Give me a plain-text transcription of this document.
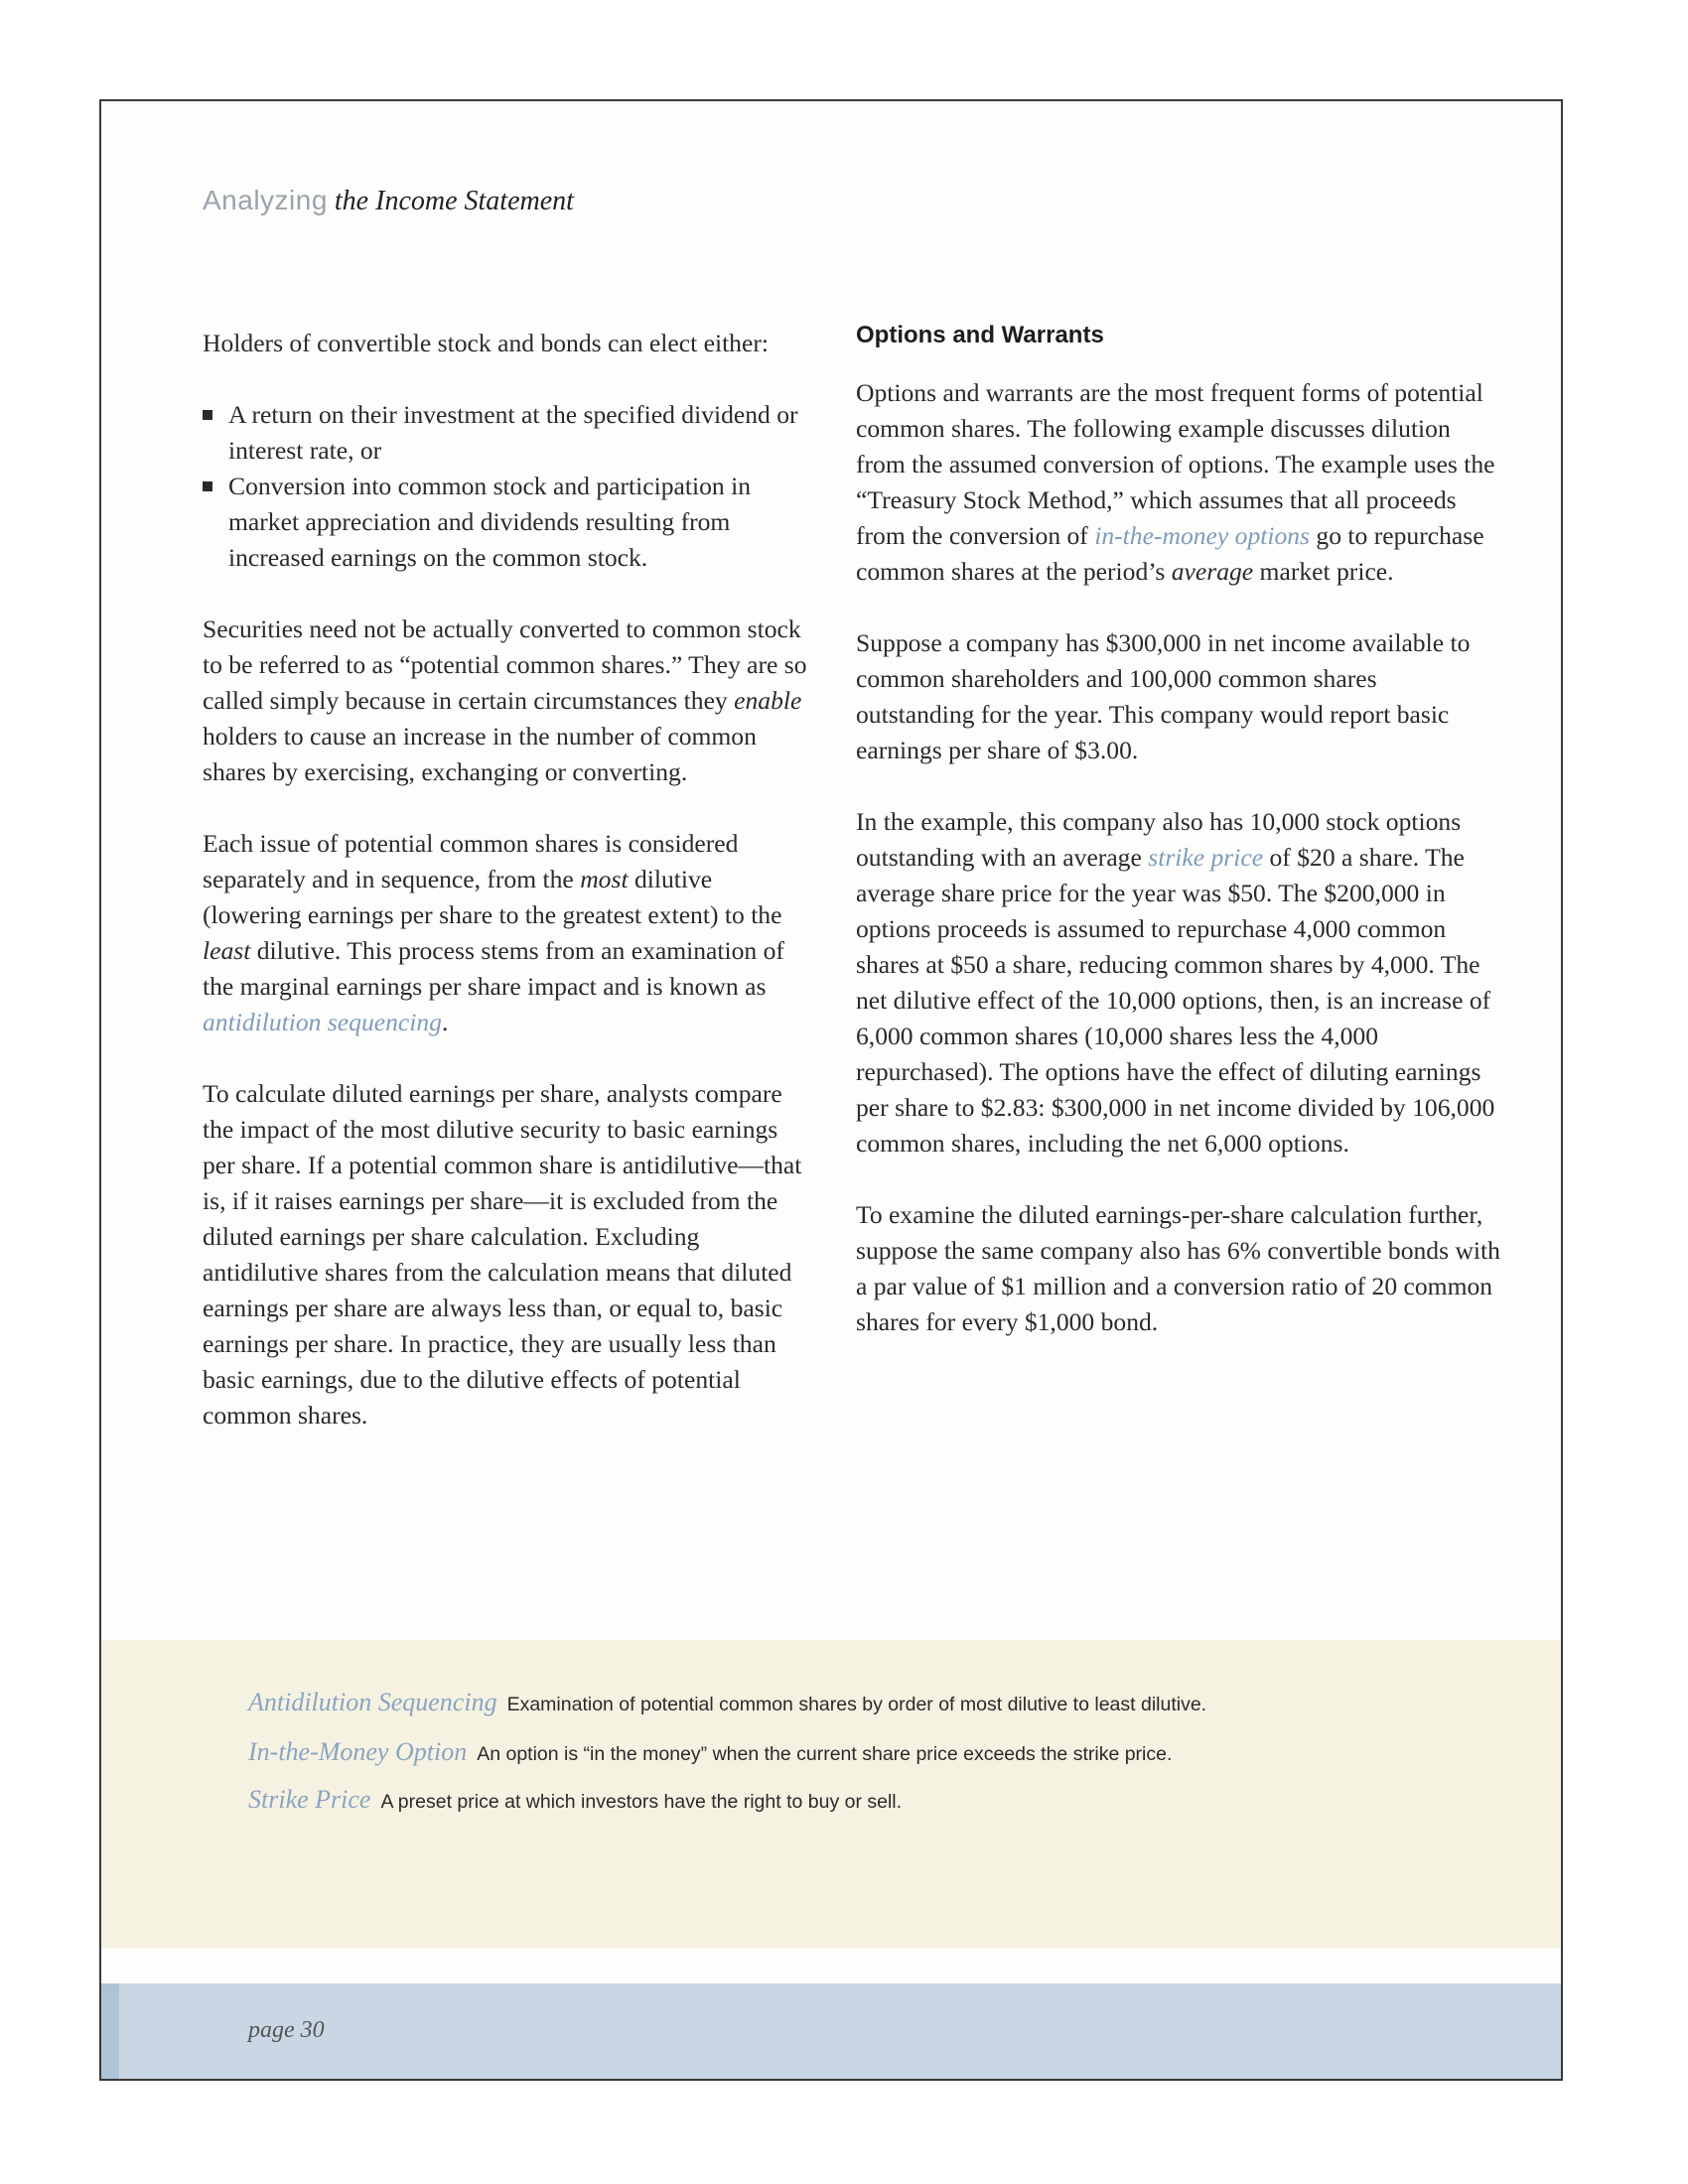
Analyzing the Income Statement

Holders of convertible stock and bonds can elect either:

A return on their investment at the specified dividend or interest rate, or
Conversion into common stock and participation in market appreciation and dividends resulting from increased earnings on the common stock.

Securities need not be actually converted to common stock to be referred to as “potential common shares.” They are so called simply because in certain circumstances they enable holders to cause an increase in the number of common shares by exercising, exchanging or converting.

Each issue of potential common shares is considered separately and in sequence, from the most dilutive (lowering earnings per share to the greatest extent) to the least dilutive. This process stems from an examination of the marginal earnings per share impact and is known as antidilution sequencing.

To calculate diluted earnings per share, analysts compare the impact of the most dilutive security to basic earnings per share. If a potential common share is antidilutive—that is, if it raises earnings per share—it is excluded from the diluted earnings per share calculation. Excluding antidilutive shares from the calculation means that diluted earnings per share are always less than, or equal to, basic earnings per share. In practice, they are usually less than basic earnings, due to the dilutive effects of potential common shares.

Options and Warrants

Options and warrants are the most frequent forms of potential common shares. The following example discusses dilution from the assumed conversion of options. The example uses the “Treasury Stock Method,” which assumes that all proceeds from the conversion of in-the-money options go to repurchase common shares at the period’s average market price.

Suppose a company has $300,000 in net income available to common shareholders and 100,000 common shares outstanding for the year. This company would report basic earnings per share of $3.00.

In the example, this company also has 10,000 stock options outstanding with an average strike price of $20 a share. The average share price for the year was $50. The $200,000 in options proceeds is assumed to repurchase 4,000 common shares at $50 a share, reducing common shares by 4,000. The net dilutive effect of the 10,000 options, then, is an increase of 6,000 common shares (10,000 shares less the 4,000 repurchased). The options have the effect of diluting earnings per share to $2.83: $300,000 in net income divided by 106,000 common shares, including the net 6,000 options.

To examine the diluted earnings-per-share calculation further, suppose the same company also has 6% convertible bonds with a par value of $1 million and a conversion ratio of 20 common shares for every $1,000 bond.

Antidilution Sequencing Examination of potential common shares by order of most dilutive to least dilutive.
In-the-Money Option An option is “in the money” when the current share price exceeds the strike price.
Strike Price A preset price at which investors have the right to buy or sell.
page 30
